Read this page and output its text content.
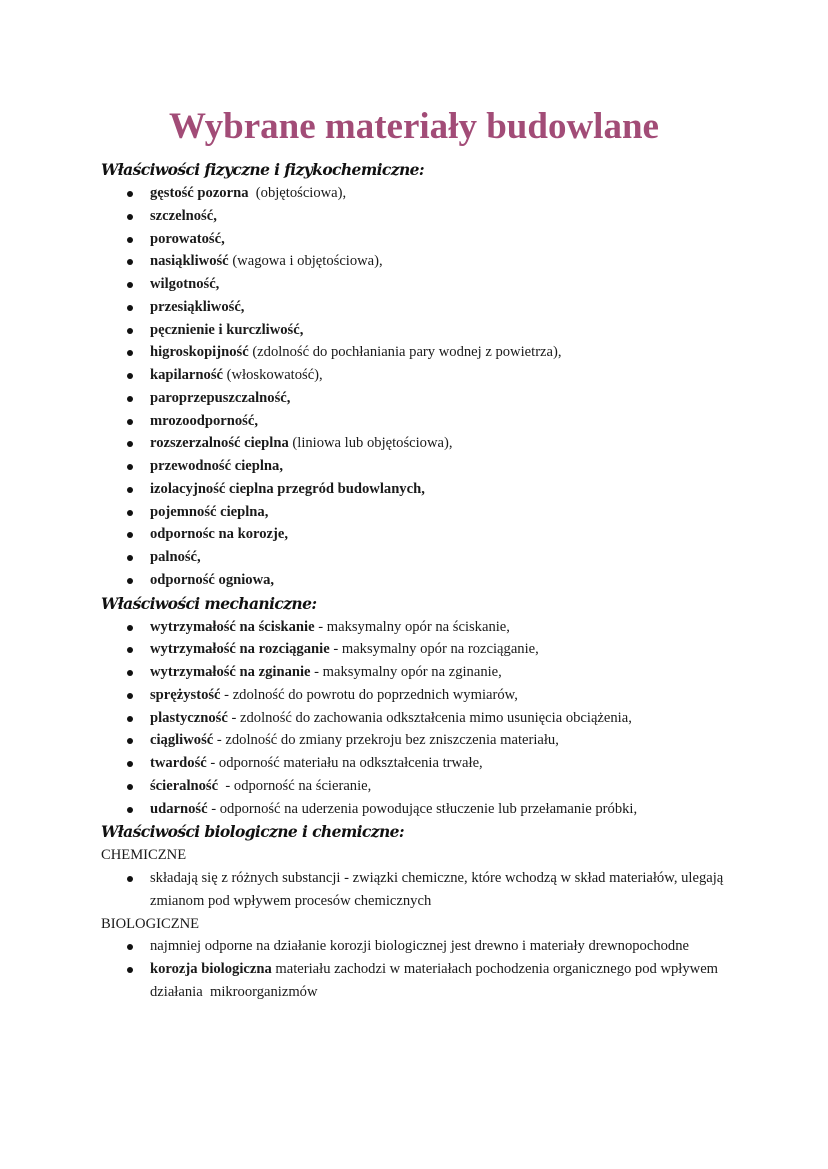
Wybrane materiały budowlane
Właściwości fizyczne i fizykochemiczne:
gęstość pozorna  (objętościowa),
szczelność,
porowatość,
nasiąkliwość (wagowa i objętościowa),
wilgotność,
przesiąkliwość,
pęcznienie i kurczliwość,
higroskopijność (zdolność do pochłaniania pary wodnej z powietrza),
kapilarność (włoskowatość),
paroprzepuszczalność,
mrozoodporność,
rozszerzalność cieplna (liniowa lub objętościowa),
przewodność cieplna,
izolacyjność cieplna przegród budowlanych,
pojemność cieplna,
odpornośc na korozje,
palność,
odporność ogniowa,
Właściwości mechaniczne:
wytrzymałość na ściskanie - maksymalny opór na ściskanie,
wytrzymałość na rozciąganie - maksymalny opór na rozciąganie,
wytrzymałość na zginanie - maksymalny opór na zginanie,
sprężystość - zdolność do powrotu do poprzednich wymiarów,
plastyczność - zdolność do zachowania odkształcenia mimo usunięcia obciążenia,
ciągliwość - zdolność do zmiany przekroju bez zniszczenia materiału,
twardość - odporność materiału na odkształcenia trwałe,
ścieralność  - odporność na ścieranie,
udarność - odporność na uderzenia powodujące stłuczenie lub przełamanie próbki,
Właściwości biologiczne i chemiczne:
CHEMICZNE
składają się z różnych substancji - związki chemiczne, które wchodzą w skład materiałów, ulegają zmianom pod wpływem procesów chemicznych
BIOLOGICZNE
najmniej odporne na działanie korozji biologicznej jest drewno i materiały drewnopochodne
korozja biologiczna materiału zachodzi w materiałach pochodzenia organicznego pod wpływem działania  mikroorganizmów
